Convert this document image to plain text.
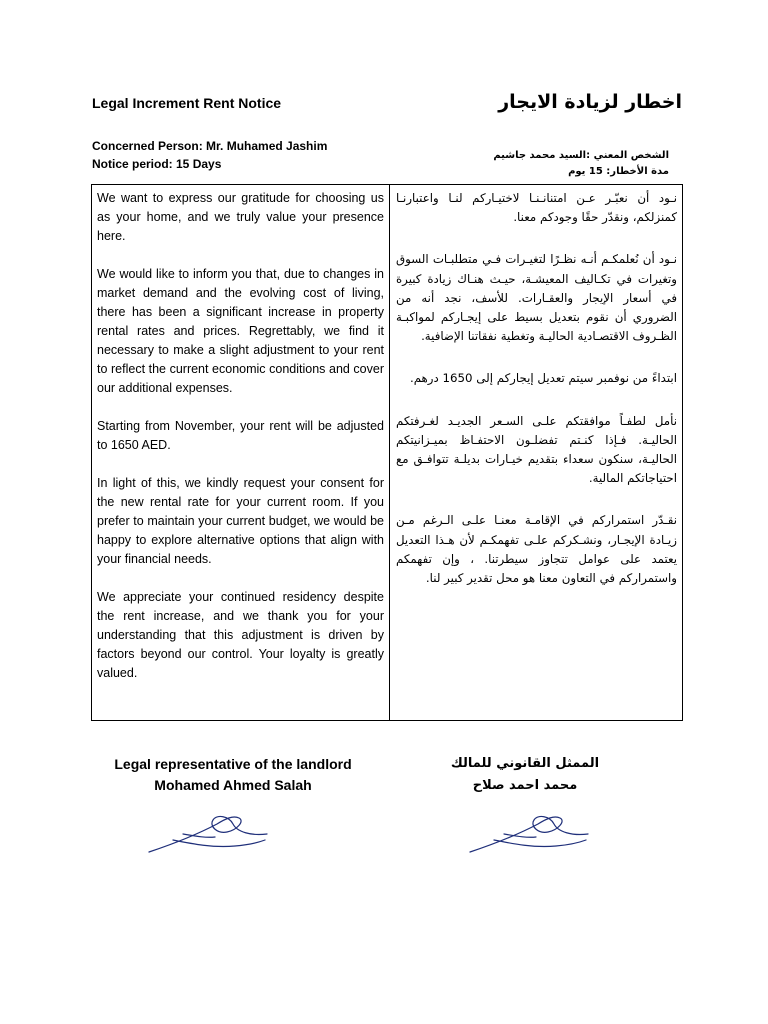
Legal Increment Rent Notice	اخطار لزيادة الايجار
Concerned Person: Mr. Muhamed Jashim
Notice period: 15 Days
الشخص المعني :السيد محمد جاشيم
مدة الأخطار: 15 يوم

We want to express our gratitude for choosing us as your home, and we truly value your presence here.

We would like to inform you that, due to changes in market demand and the evolving cost of living, there has been a significant increase in property rental rates and prices. Regrettably, we find it necessary to make a slight adjustment to your rent to reflect the current economic conditions and cover our additional expenses.

Starting from November, your rent will be adjusted to 1650 AED.

In light of this, we kindly request your consent for the new rental rate for your current room. If you prefer to maintain your current budget, we would be happy to explore alternative options that align with your financial needs.

We appreciate your continued residency despite the rent increase, and we thank you for your understanding that this adjustment is driven by factors beyond our control. Your loyalty is greatly valued.

نـود أن نعبّـر عـن امتنانـنـا لاختيـاركم لنـا واعتبارنـا كمنزلكم، ونقدّر حقًا وجودكم معنا.

نـود أن نُعلمكـم أنـه نظـرًا لتغيـرات فـي متطلبـات السوق وتغيرات في تكـاليف المعيشـة، حيـث هنـاك زيادة كبيرة في أسعار الإيجار والعقـارات. للأسف، نجد أنه من الضروري أن نقوم بتعديل بسيط على إيجـاركم لمواكبـة الظـروف الاقتصـادية الحاليـة وتغطية نفقاتنا الإضافية.

ابتداءً من نوفمبر سيتم تعديل إيجاركم إلى 1650 درهم.

نأمل لطفـاً موافقتكم علـى السـعر الجديـد لغـرفتكم الحاليـة. فـإذا كنـتم تفضلـون الاحتفـاظ بميـزانيتكم الحاليـة، سنكون سعداء بتقديم خيـارات بديلـة تتوافـق مع احتياجاتكم المالية.

نقـدّر استمراركم في الإقامـة معنـا علـى الـرغم مـن زيـادة الإيجـار، ونشـكركم علـى تفهمكـم لأن هـذا التعديل يعتمد على عوامل تتجاوز سيطرتنا. ، وإن تفهمكم واستمراركم في التعاون معنا هو محل تقدير كبير لنا.

Legal representative of the landlord
Mohamed Ahmed Salah
الممثل القانوني للمالك
محمد احمد صلاح
